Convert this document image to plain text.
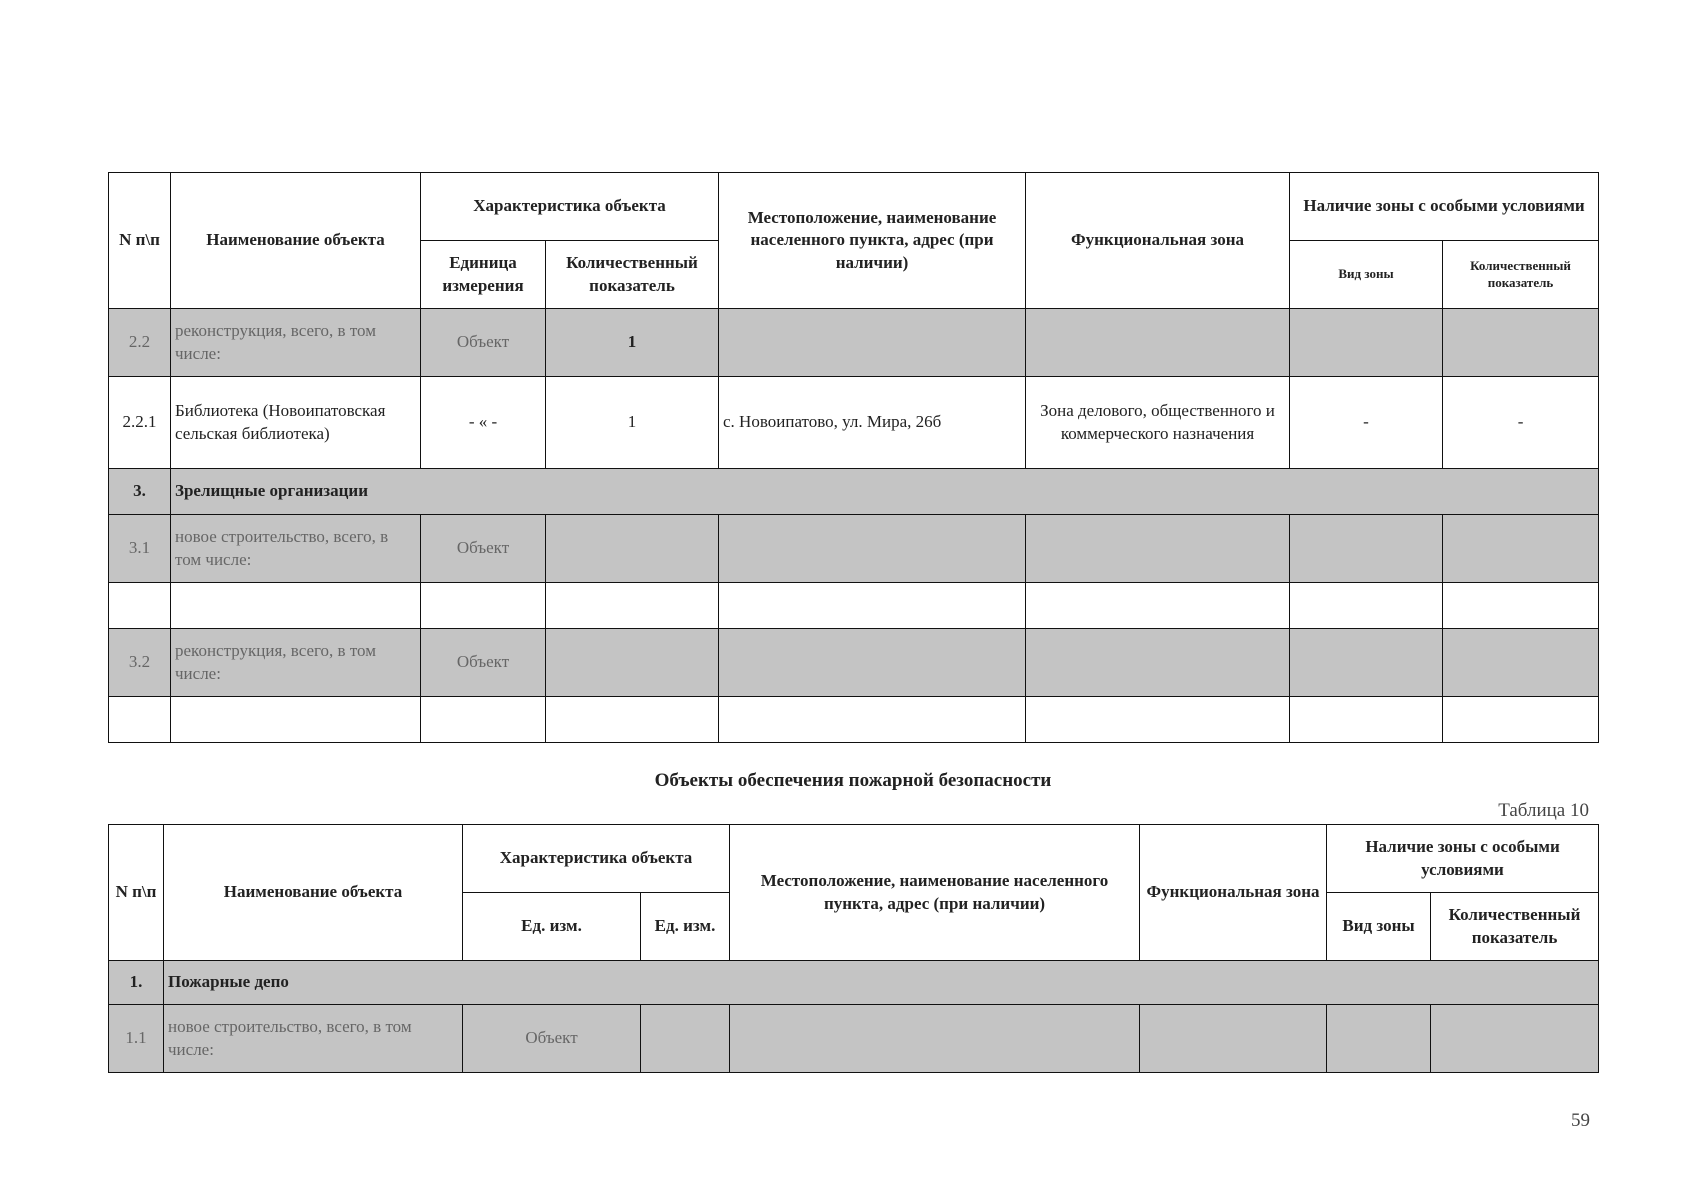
N п\п	Наименование объекта	Характеристика объекта		Местоположение, наименование населенного пункта, адрес (при наличии)	Функциональная зона	Наличие зоны с особыми условиями	
		Единица измерения	Количественный показатель			Вид зоны	Количественный показатель
2.2	реконструкция, всего, в том числе:	Объект	1				
2.2.1	Библиотека (Новоипатовская сельская библиотека)	- « -	1	с. Новоипатово, ул. Мира, 26б	Зона делового, общественного и коммерческого назначения	-	-
3.	Зрелищные организации						
3.1	новое строительство, всего, в том числе:	Объект					

3.2	реконструкция, всего, в том числе:	Объект					

Объекты обеспечения пожарной безопасности
Таблица 10
N п\п	Наименование объекта	Характеристика объекта		Местоположение, наименование населенного пункта, адрес (при наличии)	Функциональная зона	Наличие зоны с особыми условиями	
		Ед. изм.	Ед. изм.			Вид зоны	Количественный показатель
1.	Пожарные депо						
1.1	новое строительство, всего, в том числе:	Объект					
59
